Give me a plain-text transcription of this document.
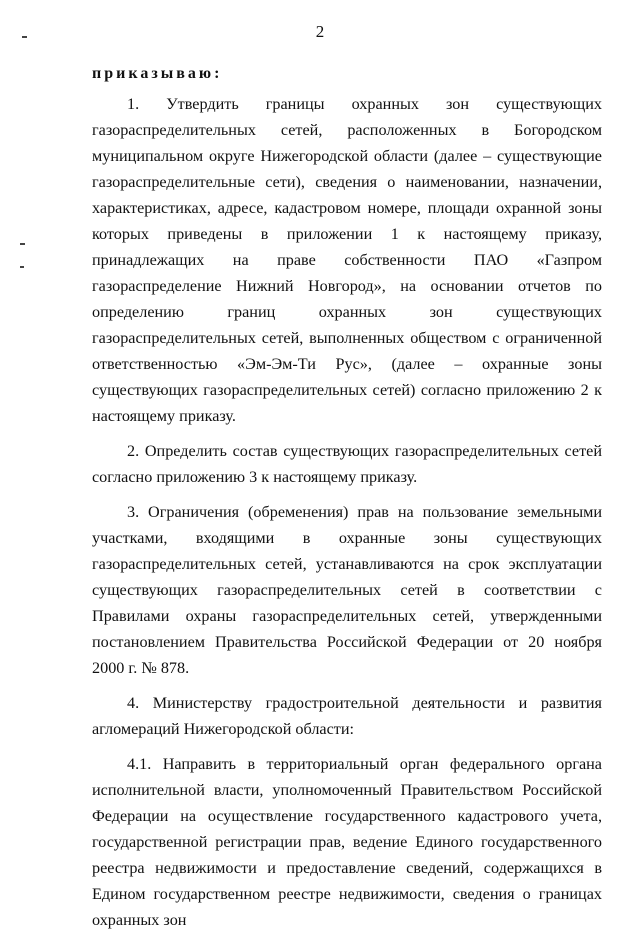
2
приказываю:

1. Утвердить границы охранных зон существующих газораспределительных сетей, расположенных в Богородском муниципальном округе Нижегородской области (далее – существующие газораспределительные сети), сведения о наименовании, назначении, характеристиках, адресе, кадастровом номере, площади охранной зоны которых приведены в приложении 1 к настоящему приказу, принадлежащих на праве собственности ПАО «Газпром газораспределение Нижний Новгород», на основании отчетов по определению границ охранных зон существующих газораспределительных сетей, выполненных обществом с ограниченной ответственностью «Эм-Эм-Ти Рус», (далее – охранные зоны существующих газораспределительных сетей) согласно приложению 2 к настоящему приказу.

2. Определить состав существующих газораспределительных сетей согласно приложению 3 к настоящему приказу.

3. Ограничения (обременения) прав на пользование земельными участками, входящими в охранные зоны существующих газораспределительных сетей, устанавливаются на срок эксплуатации существующих газораспределительных сетей в соответствии с Правилами охраны газораспределительных сетей, утвержденными постановлением Правительства Российской Федерации от 20 ноября 2000 г. № 878.

4. Министерству градостроительной деятельности и развития агломераций Нижегородской области:

4.1. Направить в территориальный орган федерального органа исполнительной власти, уполномоченный Правительством Российской Федерации на осуществление государственного кадастрового учета, государственной регистрации прав, ведение Единого государственного реестра недвижимости и предоставление сведений, содержащихся в Едином государственном реестре недвижимости, сведения о границах охранных зон
